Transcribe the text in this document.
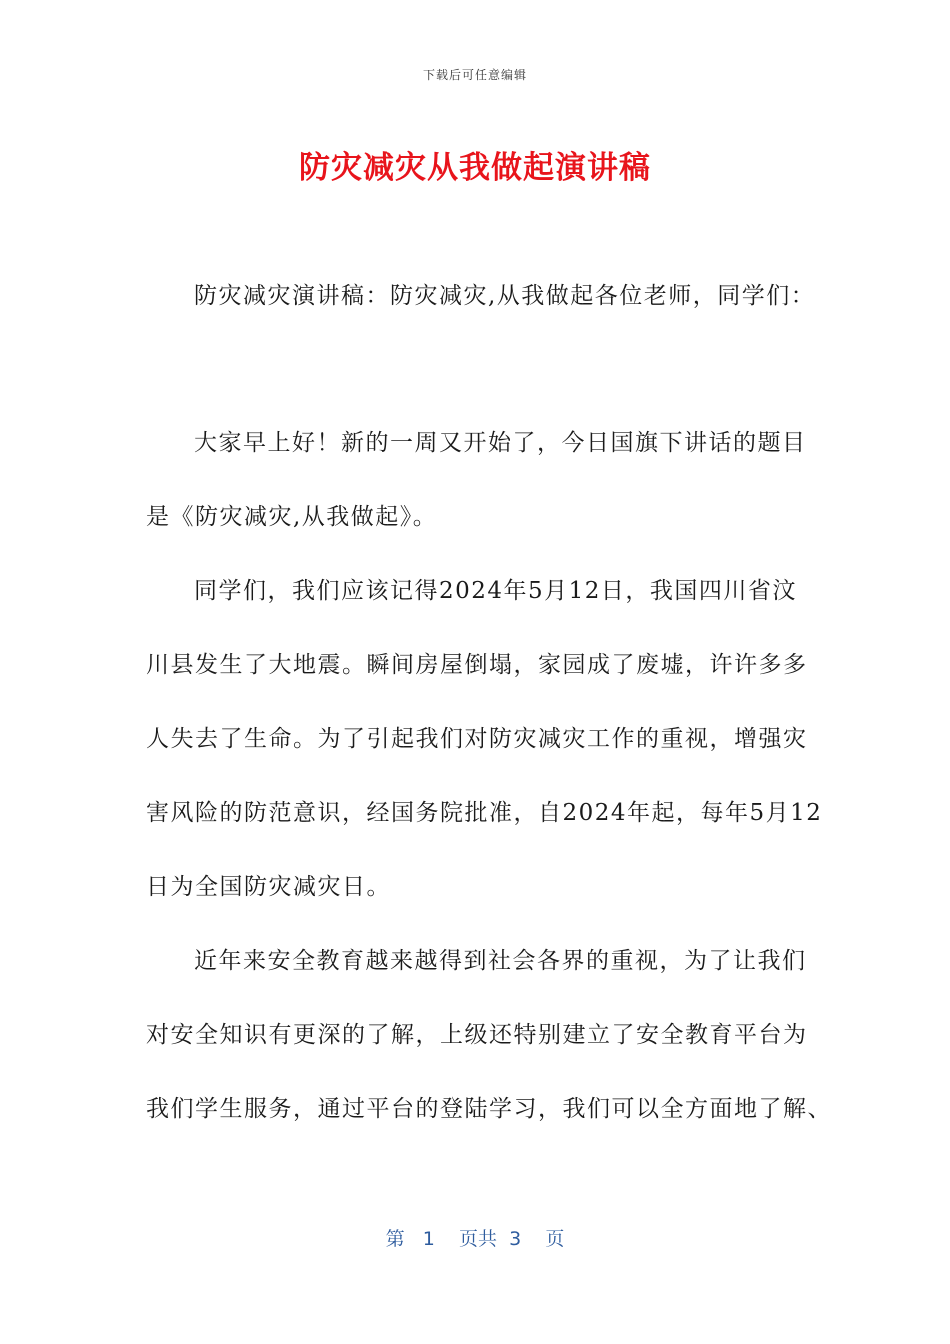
下载后可任意编辑
防灾减灾从我做起演讲稿
防灾减灾演讲稿：防灾减灾,从我做起各位老师，同学们：
大家早上好！新的一周又开始了，今日国旗下讲话的题目
是《防灾减灾,从我做起》。
同学们，我们应该记得2024年5月12日，我国四川省汶
川县发生了大地震。瞬间房屋倒塌，家园成了废墟，许许多多
人失去了生命。为了引起我们对防灾减灾工作的重视，增强灾
害风险的防范意识，经国务院批准，自2024年起，每年5月12
日为全国防灾减灾日。
近年来安全教育越来越得到社会各界的重视，为了让我们
对安全知识有更深的了解，上级还特别建立了安全教育平台为
我们学生服务，通过平台的登陆学习，我们可以全方面地了解、
第 1 页共 3 页
